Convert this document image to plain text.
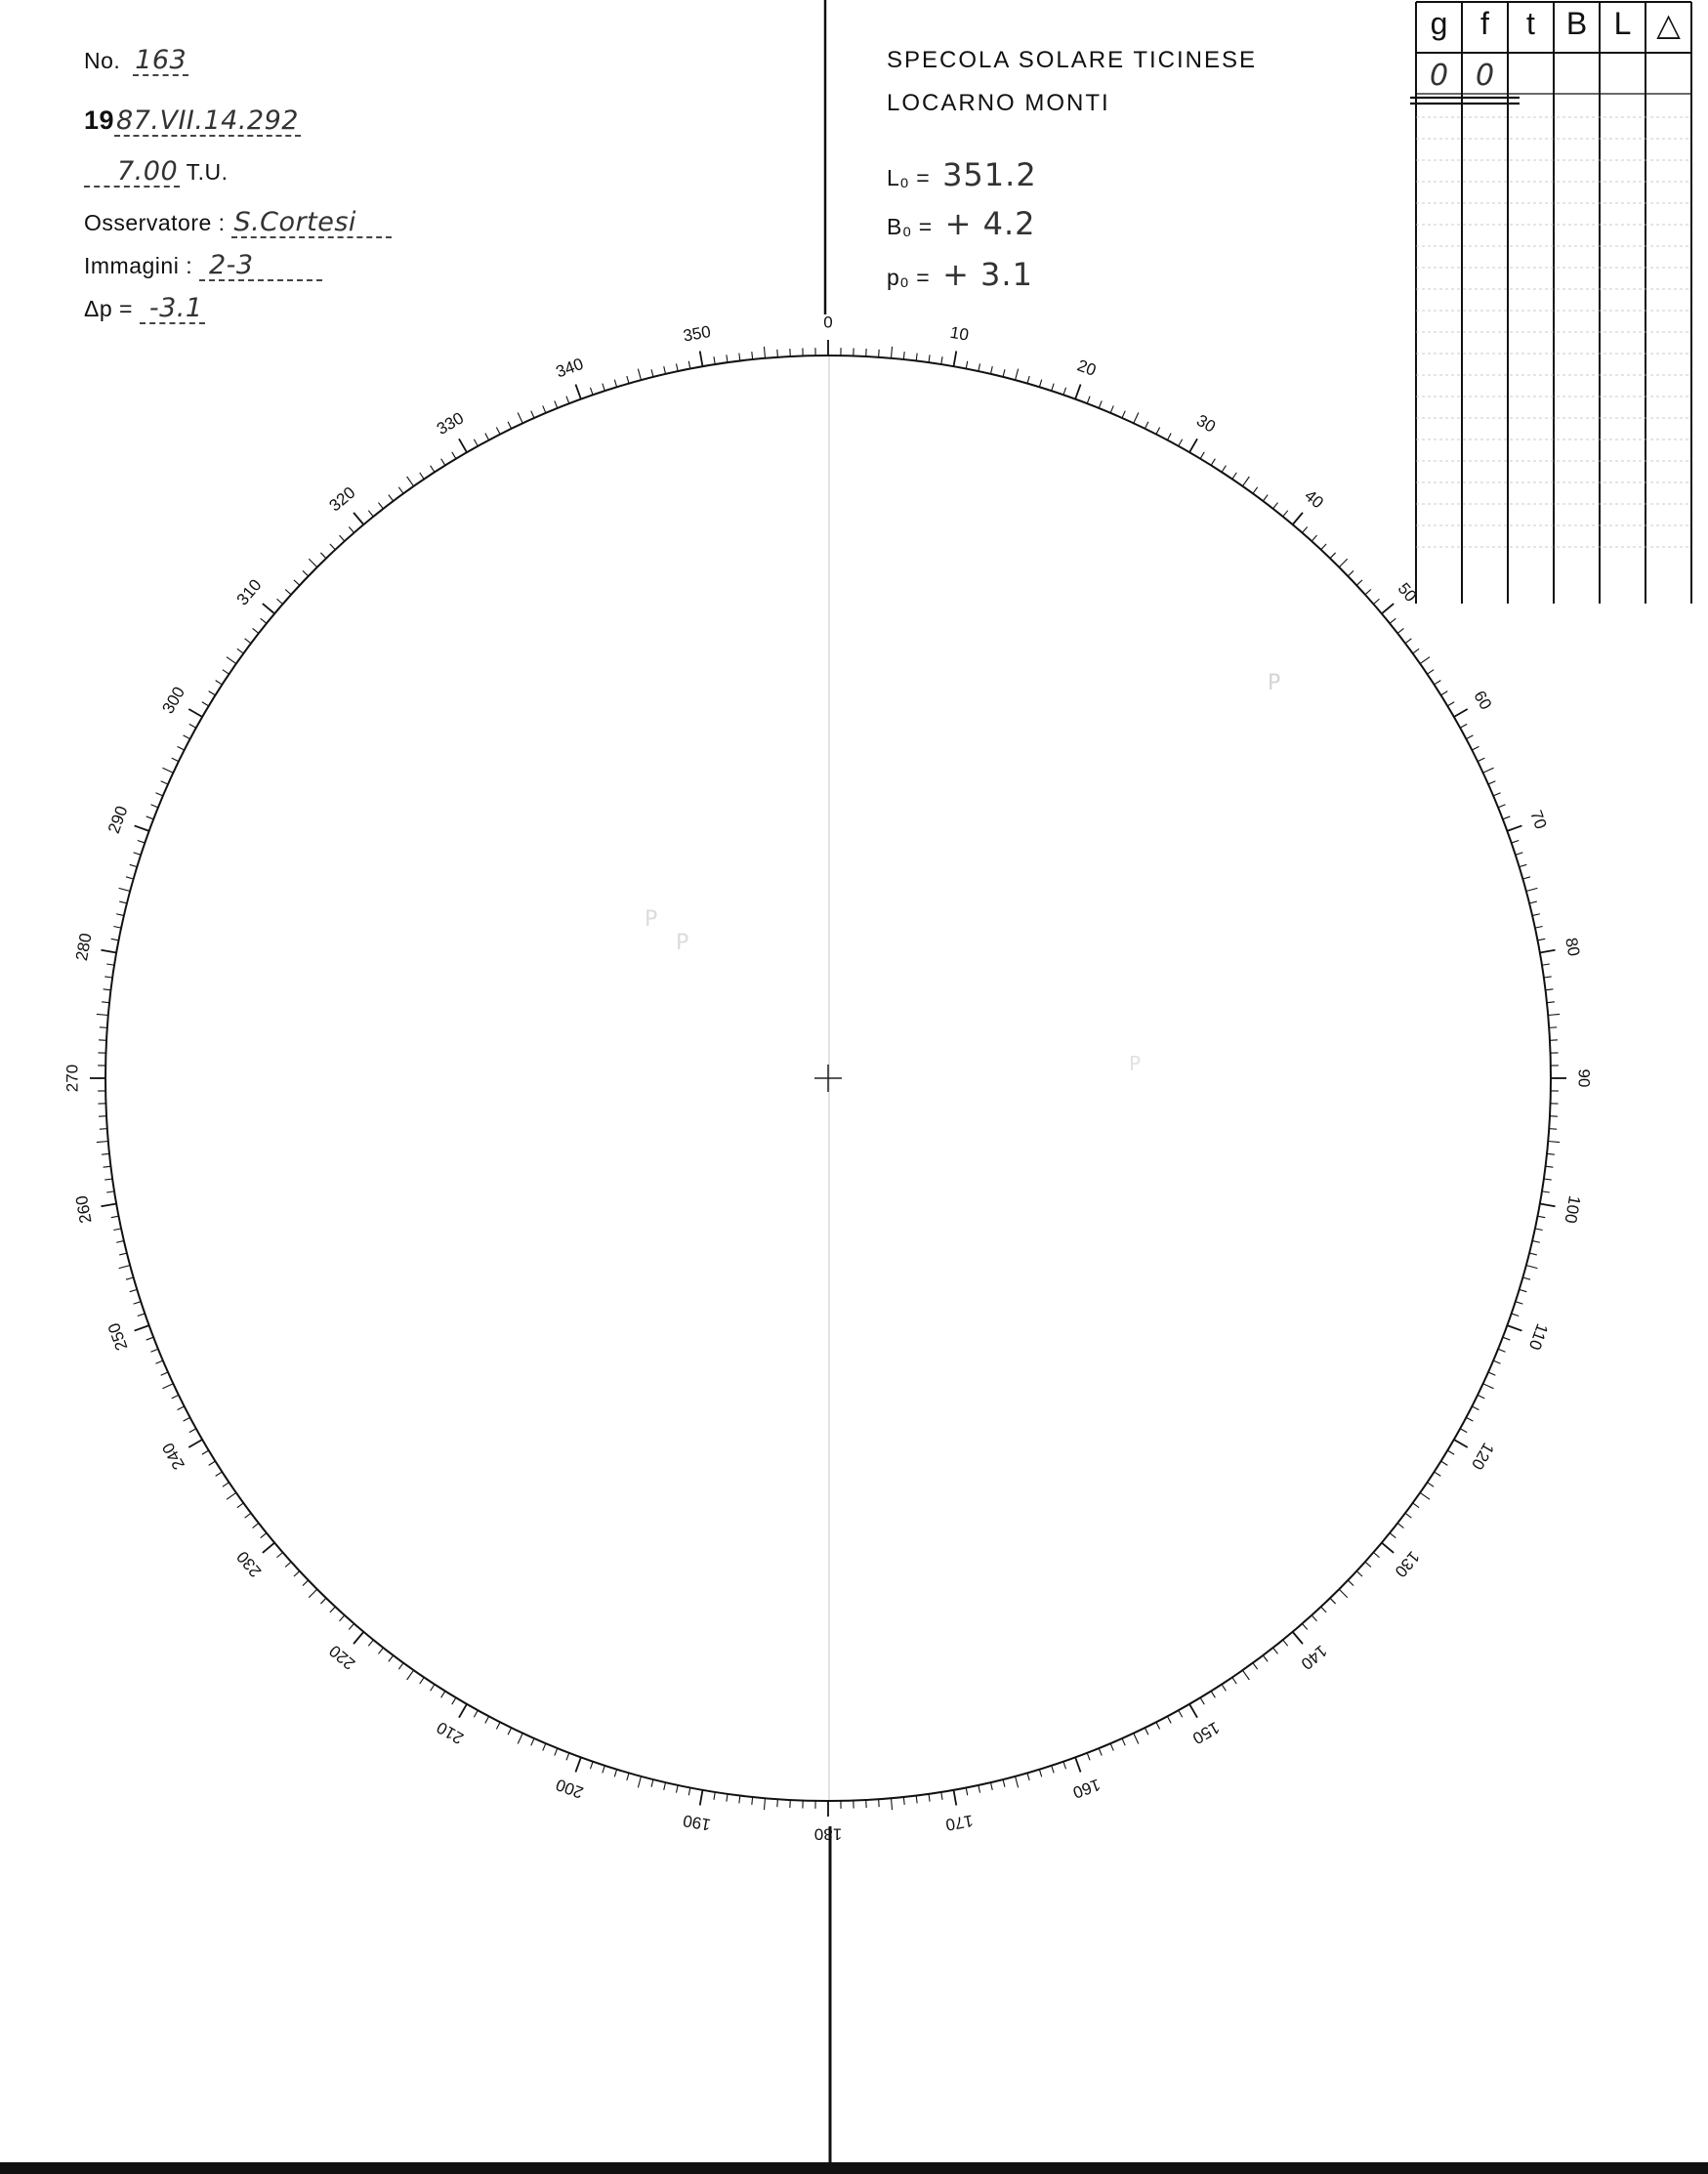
No. 163
1987.VII.14.292
7.00 T.U.
Osservatore : S.Cortesi
Immagini : 2-3
Δp = -3.1
SPECOLA SOLARE TICINESE
LOCARNO MONTI
L₀ = 351.2
B₀ = + 4.2
p₀ = + 3.1
g	f	t B L △
0 0
0
10
20
30
40
50
60
70
80
90
100
110
120
130
140
150
160
170
180
190
200
210
220
230
240
250
260
270
280
290
300
310
320
330
340
350
P
P
P
P
